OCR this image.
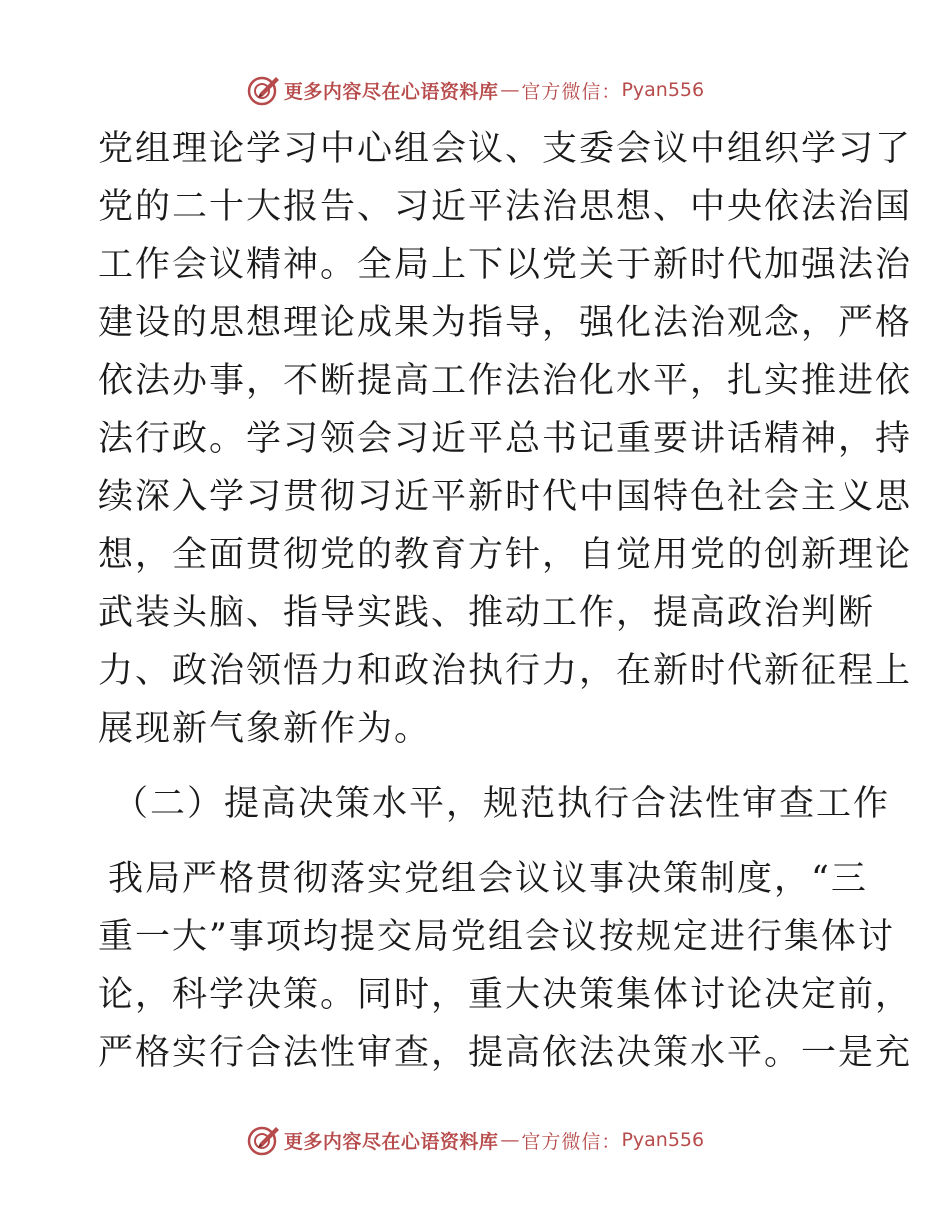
更多内容尽在心语资料库 — 官方微信： Pyan556
党组理论学习中心组会议、支委会议中组织学习了
党的二十大报告、习近平法治思想、中央依法治国
工作会议精神。全局上下以党关于新时代加强法治
建设的思想理论成果为指导，强化法治观念，严格
依法办事，不断提高工作法治化水平，扎实推进依
法行政。学习领会习近平总书记重要讲话精神，持
续深入学习贯彻习近平新时代中国特色社会主义思
想，全面贯彻党的教育方针，自觉用党的创新理论
武装头脑、指导实践、推动工作，提高政治判断
力、政治领悟力和政治执行力，在新时代新征程上
展现新气象新作为。
（二）提高决策水平，规范执行合法性审查工作
我局严格贯彻落实党组会议议事决策制度，“三
重一大”事项均提交局党组会议按规定进行集体讨
论，科学决策。同时，重大决策集体讨论决定前，
严格实行合法性审查，提高依法决策水平。一是充
更多内容尽在心语资料库 — 官方微信： Pyan556
